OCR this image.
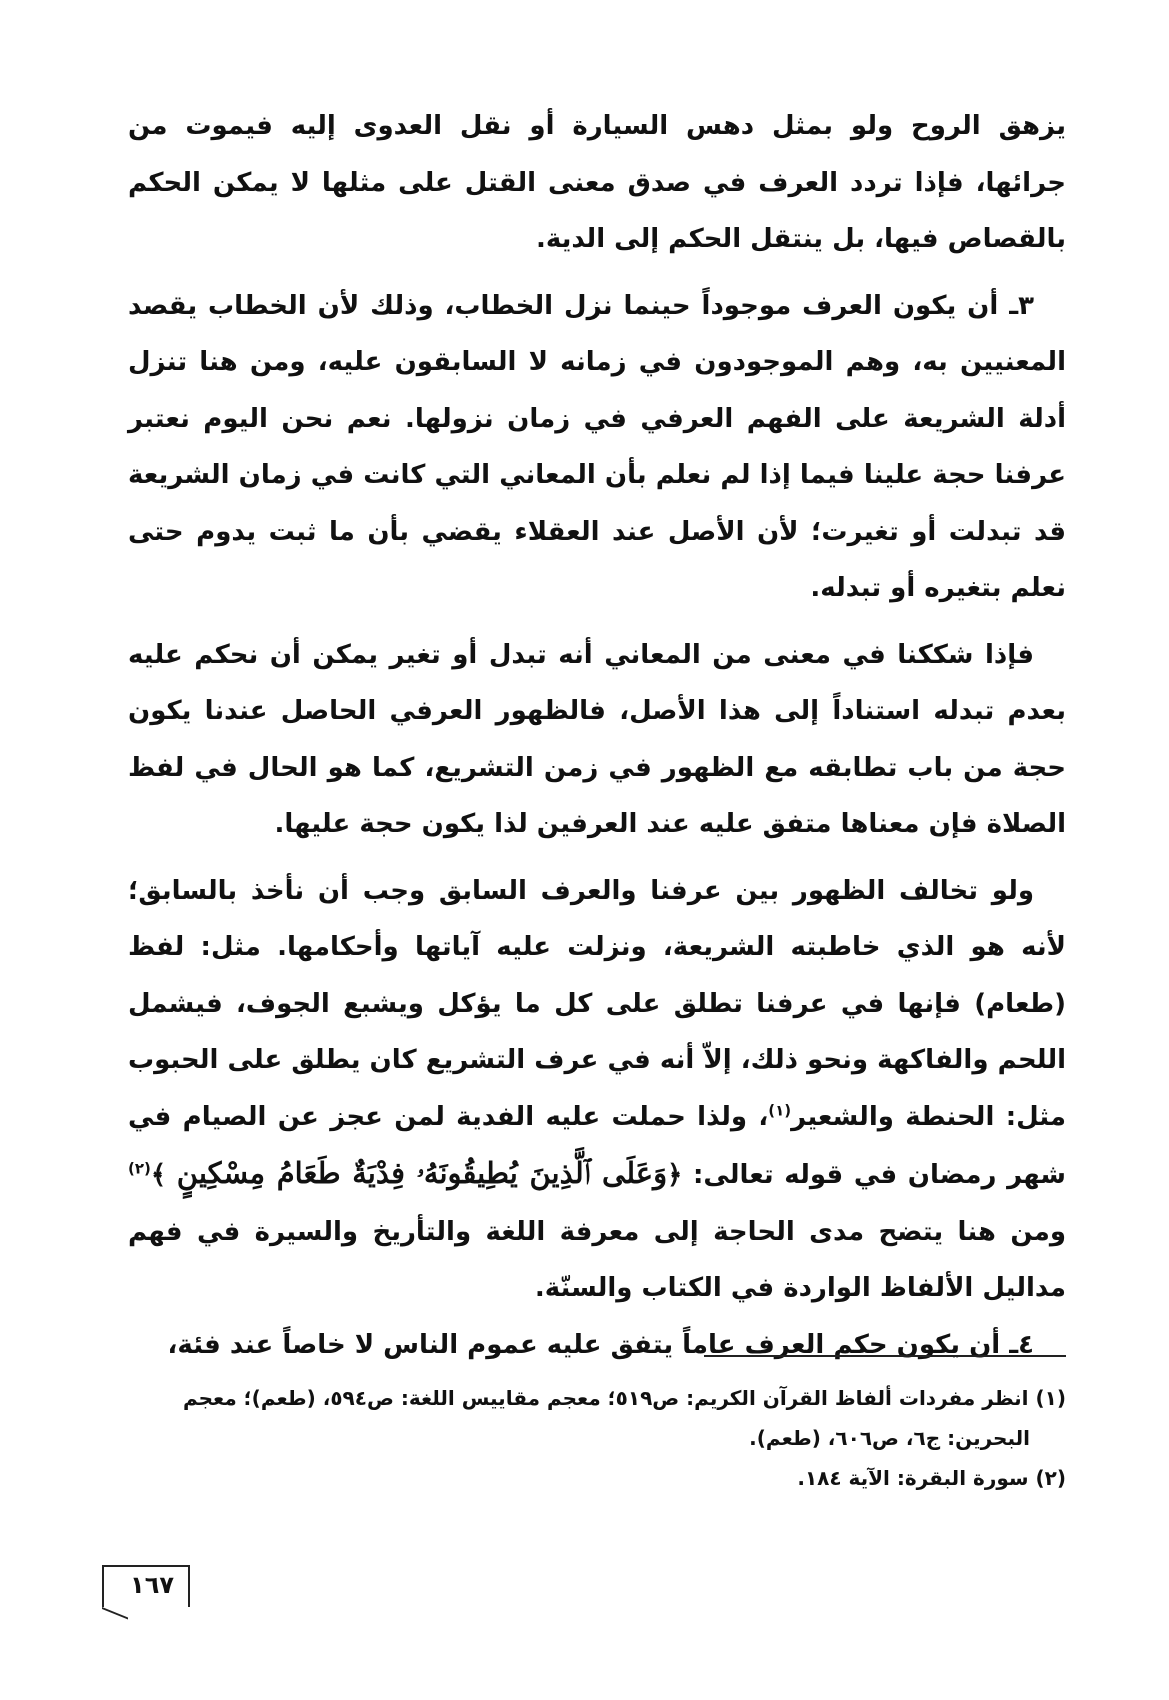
يزهق الروح ولو بمثل دهس السيارة أو نقل العدوى إليه فيموت من جرائها، فإذا تردد العرف في صدق معنى القتل على مثلها لا يمكن الحكم بالقصاص فيها، بل ينتقل الحكم إلى الدية.

٣ـ أن يكون العرف موجوداً حينما نزل الخطاب، وذلك لأن الخطاب يقصد المعنيين به، وهم الموجودون في زمانه لا السابقون عليه، ومن هنا تنزل أدلة الشريعة على الفهم العرفي في زمان نزولها. نعم نحن اليوم نعتبر عرفنا حجة علينا فيما إذا لم نعلم بأن المعاني التي كانت في زمان الشريعة قد تبدلت أو تغيرت؛ لأن الأصل عند العقلاء يقضي بأن ما ثبت يدوم حتى نعلم بتغيره أو تبدله.

فإذا شككنا في معنى من المعاني أنه تبدل أو تغير يمكن أن نحكم عليه بعدم تبدله استناداً إلى هذا الأصل، فالظهور العرفي الحاصل عندنا يكون حجة من باب تطابقه مع الظهور في زمن التشريع، كما هو الحال في لفظ الصلاة فإن معناها متفق عليه عند العرفين لذا يكون حجة عليها.

ولو تخالف الظهور بين عرفنا والعرف السابق وجب أن نأخذ بالسابق؛ لأنه هو الذي خاطبته الشريعة، ونزلت عليه آياتها وأحكامها. مثل: لفظ (طعام) فإنها في عرفنا تطلق على كل ما يؤكل ويشبع الجوف، فيشمل اللحم والفاكهة ونحو ذلك، إلاّ أنه في عرف التشريع كان يطلق على الحبوب مثل: الحنطة والشعير$^{(١)}$، ولذا حملت عليه الفدية لمن عجز عن الصيام في شهر رمضان في قوله تعالى: ﴿وَعَلَى ٱلَّذِينَ يُطِيقُونَهُۥ فِدْيَةٌ طَعَامُ مِسْكِينٍ ﴾$^{(٢)}$ ومن هنا يتضح مدى الحاجة إلى معرفة اللغة والتأريخ والسيرة في فهم مداليل الألفاظ الواردة في الكتاب والسنّة.

٤ـ أن يكون حكم العرف عاماً يتفق عليه عموم الناس لا خاصاً عند فئة،

(١) انظر مفردات ألفاظ القرآن الكريم: ص٥١٩؛ معجم مقاييس اللغة: ص٥٩٤، (طعم)؛ معجم

البحرين: ج٦، ص٦٠٦، (طعم).

(٢) سورة البقرة: الآية ١٨٤.

١٦٧
